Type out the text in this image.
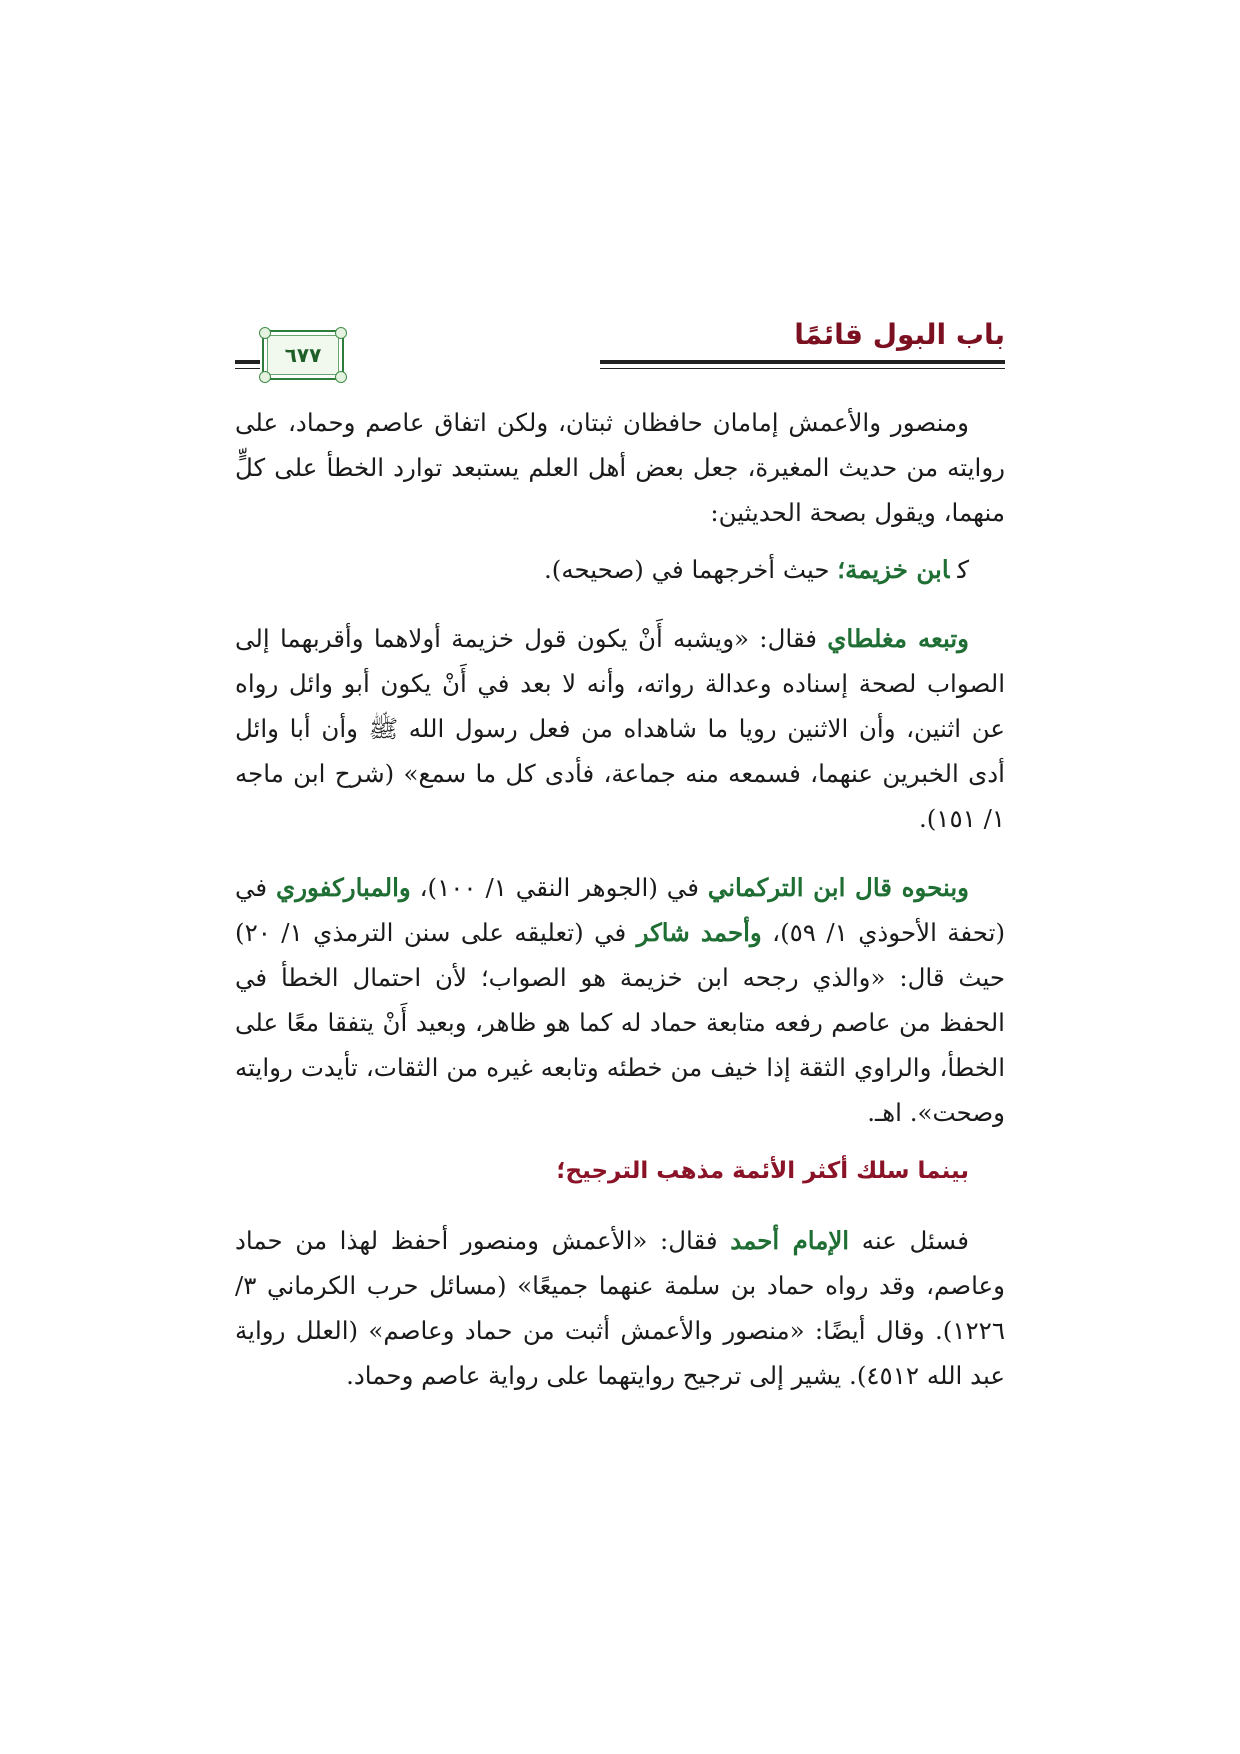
باب البول قائمًا
٦٧٧

ومنصور والأعمش إمامان حافظان ثبتان، ولكن اتفاق عاصم وحماد، على روايته من حديث المغيرة، جعل بعض أهل العلم يستبعد توارد الخطأ على كلٍّ منهما، ويقول بصحة الحديثين:

كابن خزيمة؛ حيث أخرجهما في (صحيحه).

وتبعه مغلطاي فقال: «ويشبه أَنْ يكون قول خزيمة أولاهما وأقربهما إلى الصواب لصحة إسناده وعدالة رواته، وأنه لا بعد في أَنْ يكون أبو وائل رواه عن اثنين، وأن الاثنين رويا ما شاهداه من فعل رسول الله ﷺ وأن أبا وائل أدى الخبرين عنهما، فسمعه منه جماعة، فأدى كل ما سمع» (شرح ابن ماجه ١/ ١٥١).

وبنحوه قال ابن التركماني في (الجوهر النقي ١/ ١٠٠)، والمباركفوري في (تحفة الأحوذي ١/ ٥٩)، وأحمد شاكر في (تعليقه على سنن الترمذي ١/ ٢٠) حيث قال: «والذي رجحه ابن خزيمة هو الصواب؛ لأن احتمال الخطأ في الحفظ من عاصم رفعه متابعة حماد له كما هو ظاهر، وبعيد أَنْ يتفقا معًا على الخطأ، والراوي الثقة إذا خيف من خطئه وتابعه غيره من الثقات، تأيدت روايته وصحت». اهـ.

بينما سلك أكثر الأئمة مذهب الترجيح؛

فسئل عنه الإمام أحمد فقال: «الأعمش ومنصور أحفظ لهذا من حماد وعاصم، وقد رواه حماد بن سلمة عنهما جميعًا» (مسائل حرب الكرماني ٣/ ١٢٢٦). وقال أيضًا: «منصور والأعمش أثبت من حماد وعاصم» (العلل رواية عبد الله ٤٥١٢). يشير إلى ترجيح روايتهما على رواية عاصم وحماد.
